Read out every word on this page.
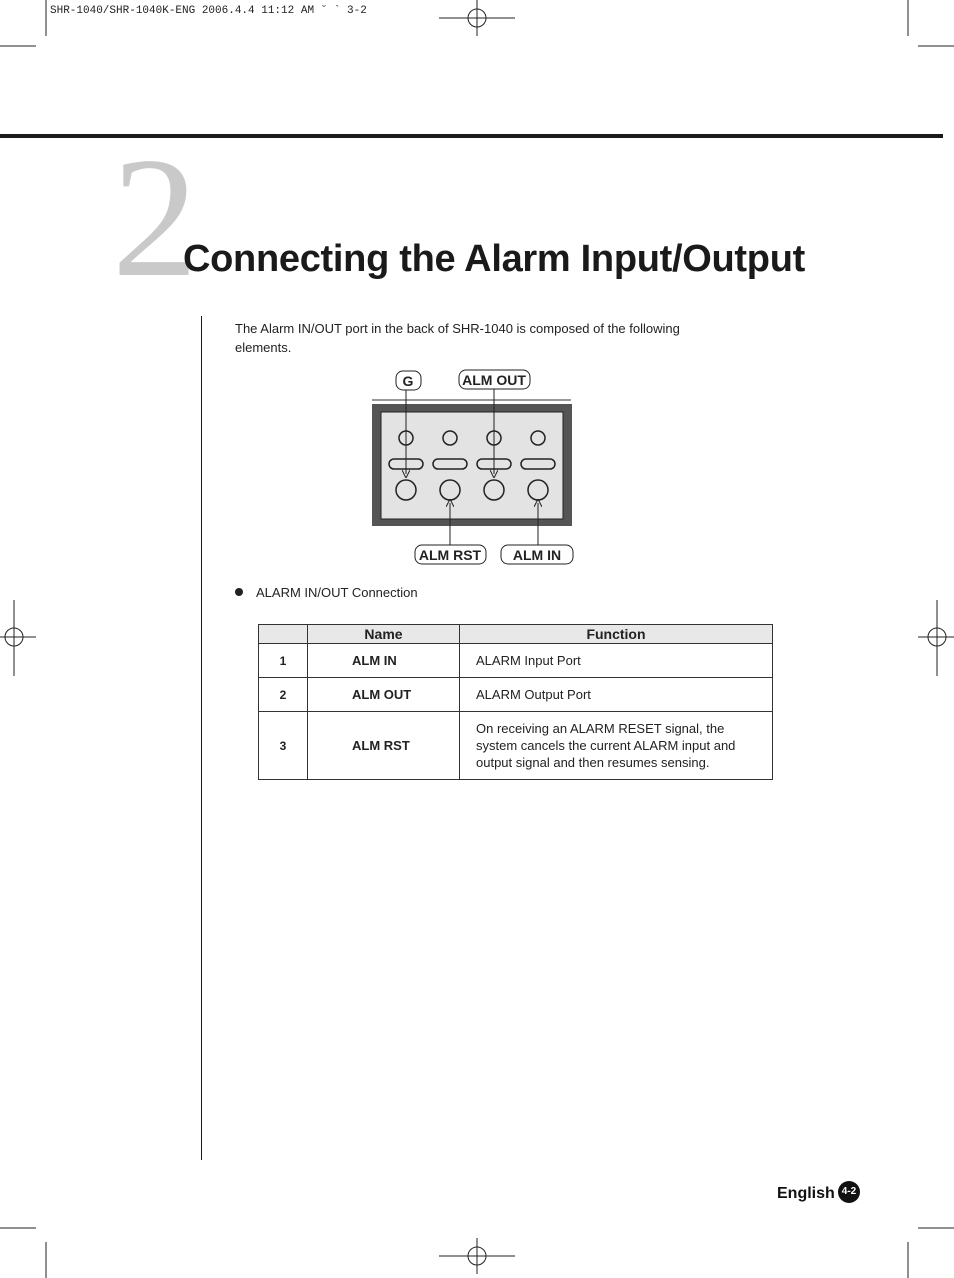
SHR-1040/SHR-1040K-ENG 2006.4.4 11:12 AM ˘ ` 3-2
2
Connecting the Alarm Input/Output
The Alarm IN/OUT port in the back of SHR-1040 is composed of the following elements.
G	ALM OUT
ALM RST ALM IN
ALARM IN/OUT Connection
	Name	Function
1	ALM IN	ALARM Input Port
2	ALM OUT	ALARM Output Port
3	ALM RST	On receiving an ALARM RESET signal, the system cancels the current ALARM input and output signal and then resumes sensing.
English 4-2
